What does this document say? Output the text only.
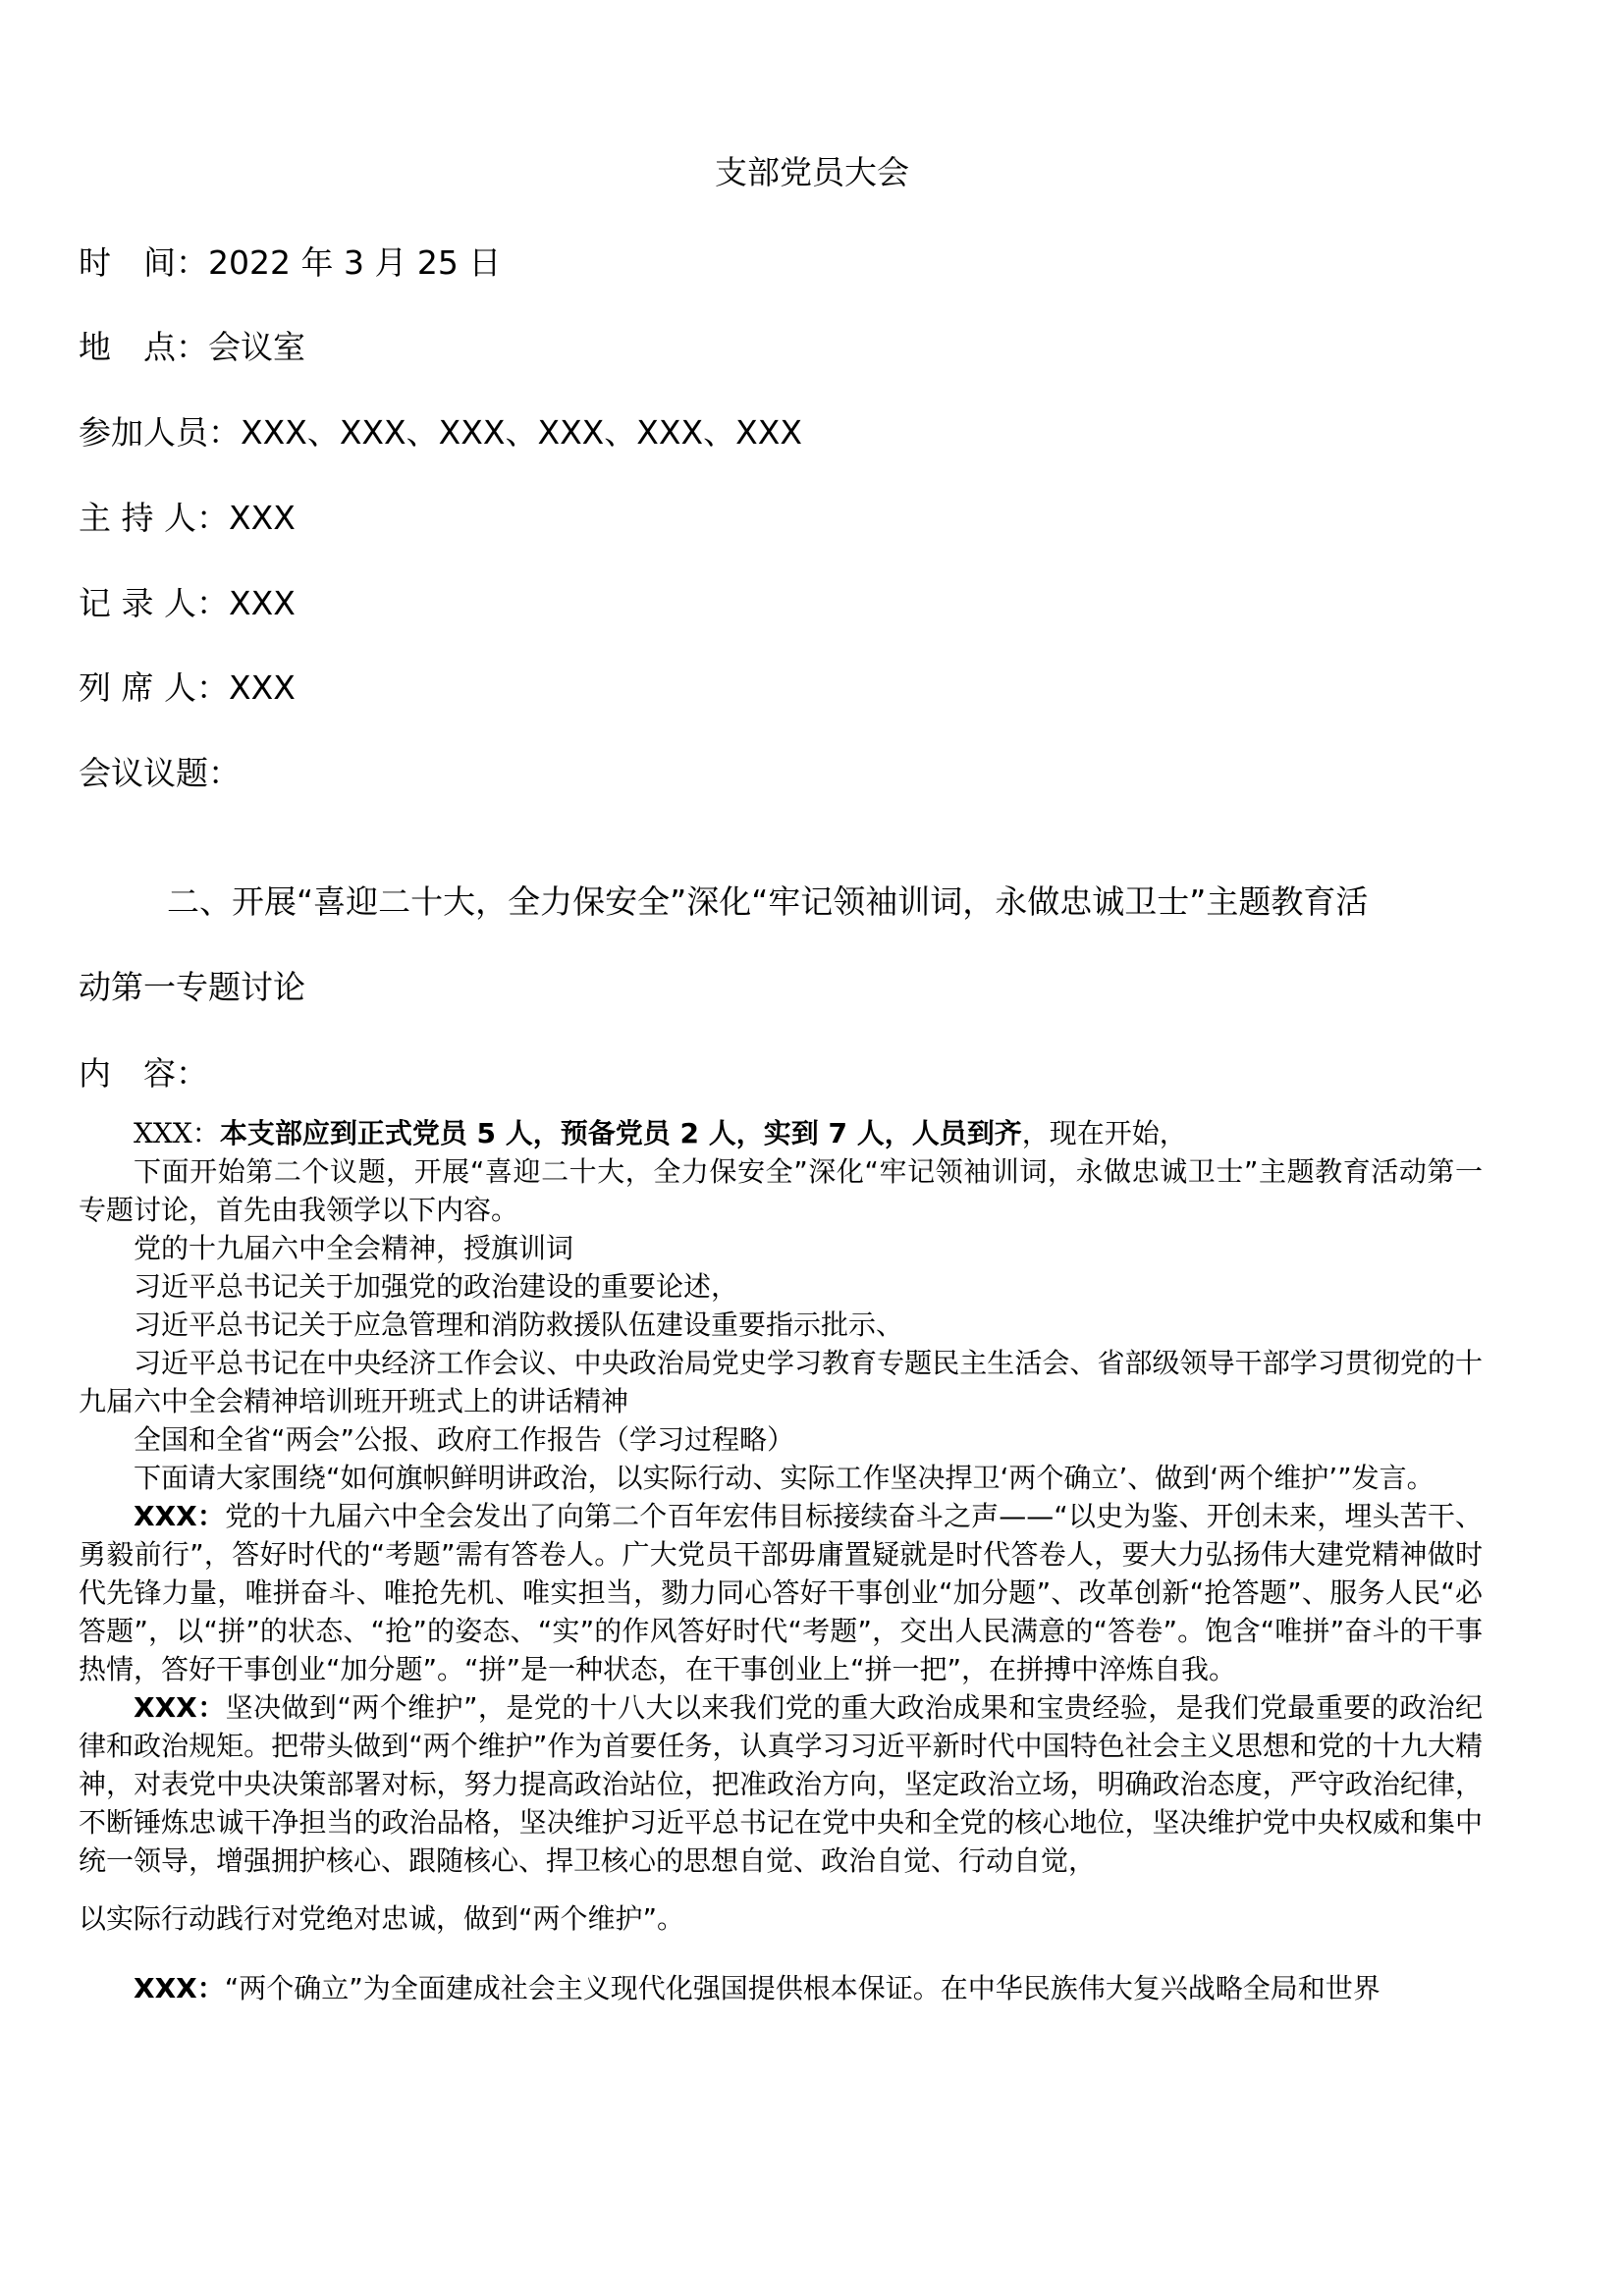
支部党员大会
时　间：2022 年 3 月 25 日
地　点：会议室
参加人员：XXX、XXX、XXX、XXX、XXX、XXX
主 持 人：XXX
记 录 人：XXX
列 席 人：XXX
会议议题：
二、开展“喜迎二十大，全力保安全”深化“牢记领袖训词，永做忠诚卫士”主题教育活
动第一专题讨论
内　容：

XXX：本支部应到正式党员 5 人，预备党员 2 人，实到 7 人，人员到齐，现在开始，

下面开始第二个议题，开展“喜迎二十大，全力保安全”深化“牢记领袖训词，永做忠诚卫士”主题教育活动第一专题讨论，首先由我领学以下内容。

党的十九届六中全会精神，授旗训词

习近平总书记关于加强党的政治建设的重要论述，

习近平总书记关于应急管理和消防救援队伍建设重要指示批示、

习近平总书记在中央经济工作会议、中央政治局党史学习教育专题民主生活会、省部级领导干部学习贯彻党的十九届六中全会精神培训班开班式上的讲话精神

全国和全省“两会”公报、政府工作报告（学习过程略）

下面请大家围绕“如何旗帜鲜明讲政治，以实际行动、实际工作坚决捍卫‘两个确立’、做到‘两个维护’”发言。

XXX：党的十九届六中全会发出了向第二个百年宏伟目标接续奋斗之声——“以史为鉴、开创未来，埋头苦干、勇毅前行”，答好时代的“考题”需有答卷人。广大党员干部毋庸置疑就是时代答卷人，要大力弘扬伟大建党精神做时代先锋力量，唯拼奋斗、唯抢先机、唯实担当，勠力同心答好干事创业“加分题”、改革创新“抢答题”、服务人民“必答题”，以“拼”的状态、“抢”的姿态、“实”的作风答好时代“考题”，交出人民满意的“答卷”。饱含“唯拼”奋斗的干事热情，答好干事创业“加分题”。“拼”是一种状态，在干事创业上“拼一把”，在拼搏中淬炼自我。

XXX：坚决做到“两个维护”，是党的十八大以来我们党的重大政治成果和宝贵经验，是我们党最重要的政治纪律和政治规矩。把带头做到“两个维护”作为首要任务，认真学习习近平新时代中国特色社会主义思想和党的十九大精神，对表党中央决策部署对标，努力提高政治站位，把准政治方向，坚定政治立场，明确政治态度，严守政治纪律，不断锤炼忠诚干净担当的政治品格，坚决维护习近平总书记在党中央和全党的核心地位，坚决维护党中央权威和集中统一领导，增强拥护核心、跟随核心、捍卫核心的思想自觉、政治自觉、行动自觉，

以实际行动践行对党绝对忠诚，做到“两个维护”。

XXX：“两个确立”为全面建成社会主义现代化强国提供根本保证。在中华民族伟大复兴战略全局和世界
